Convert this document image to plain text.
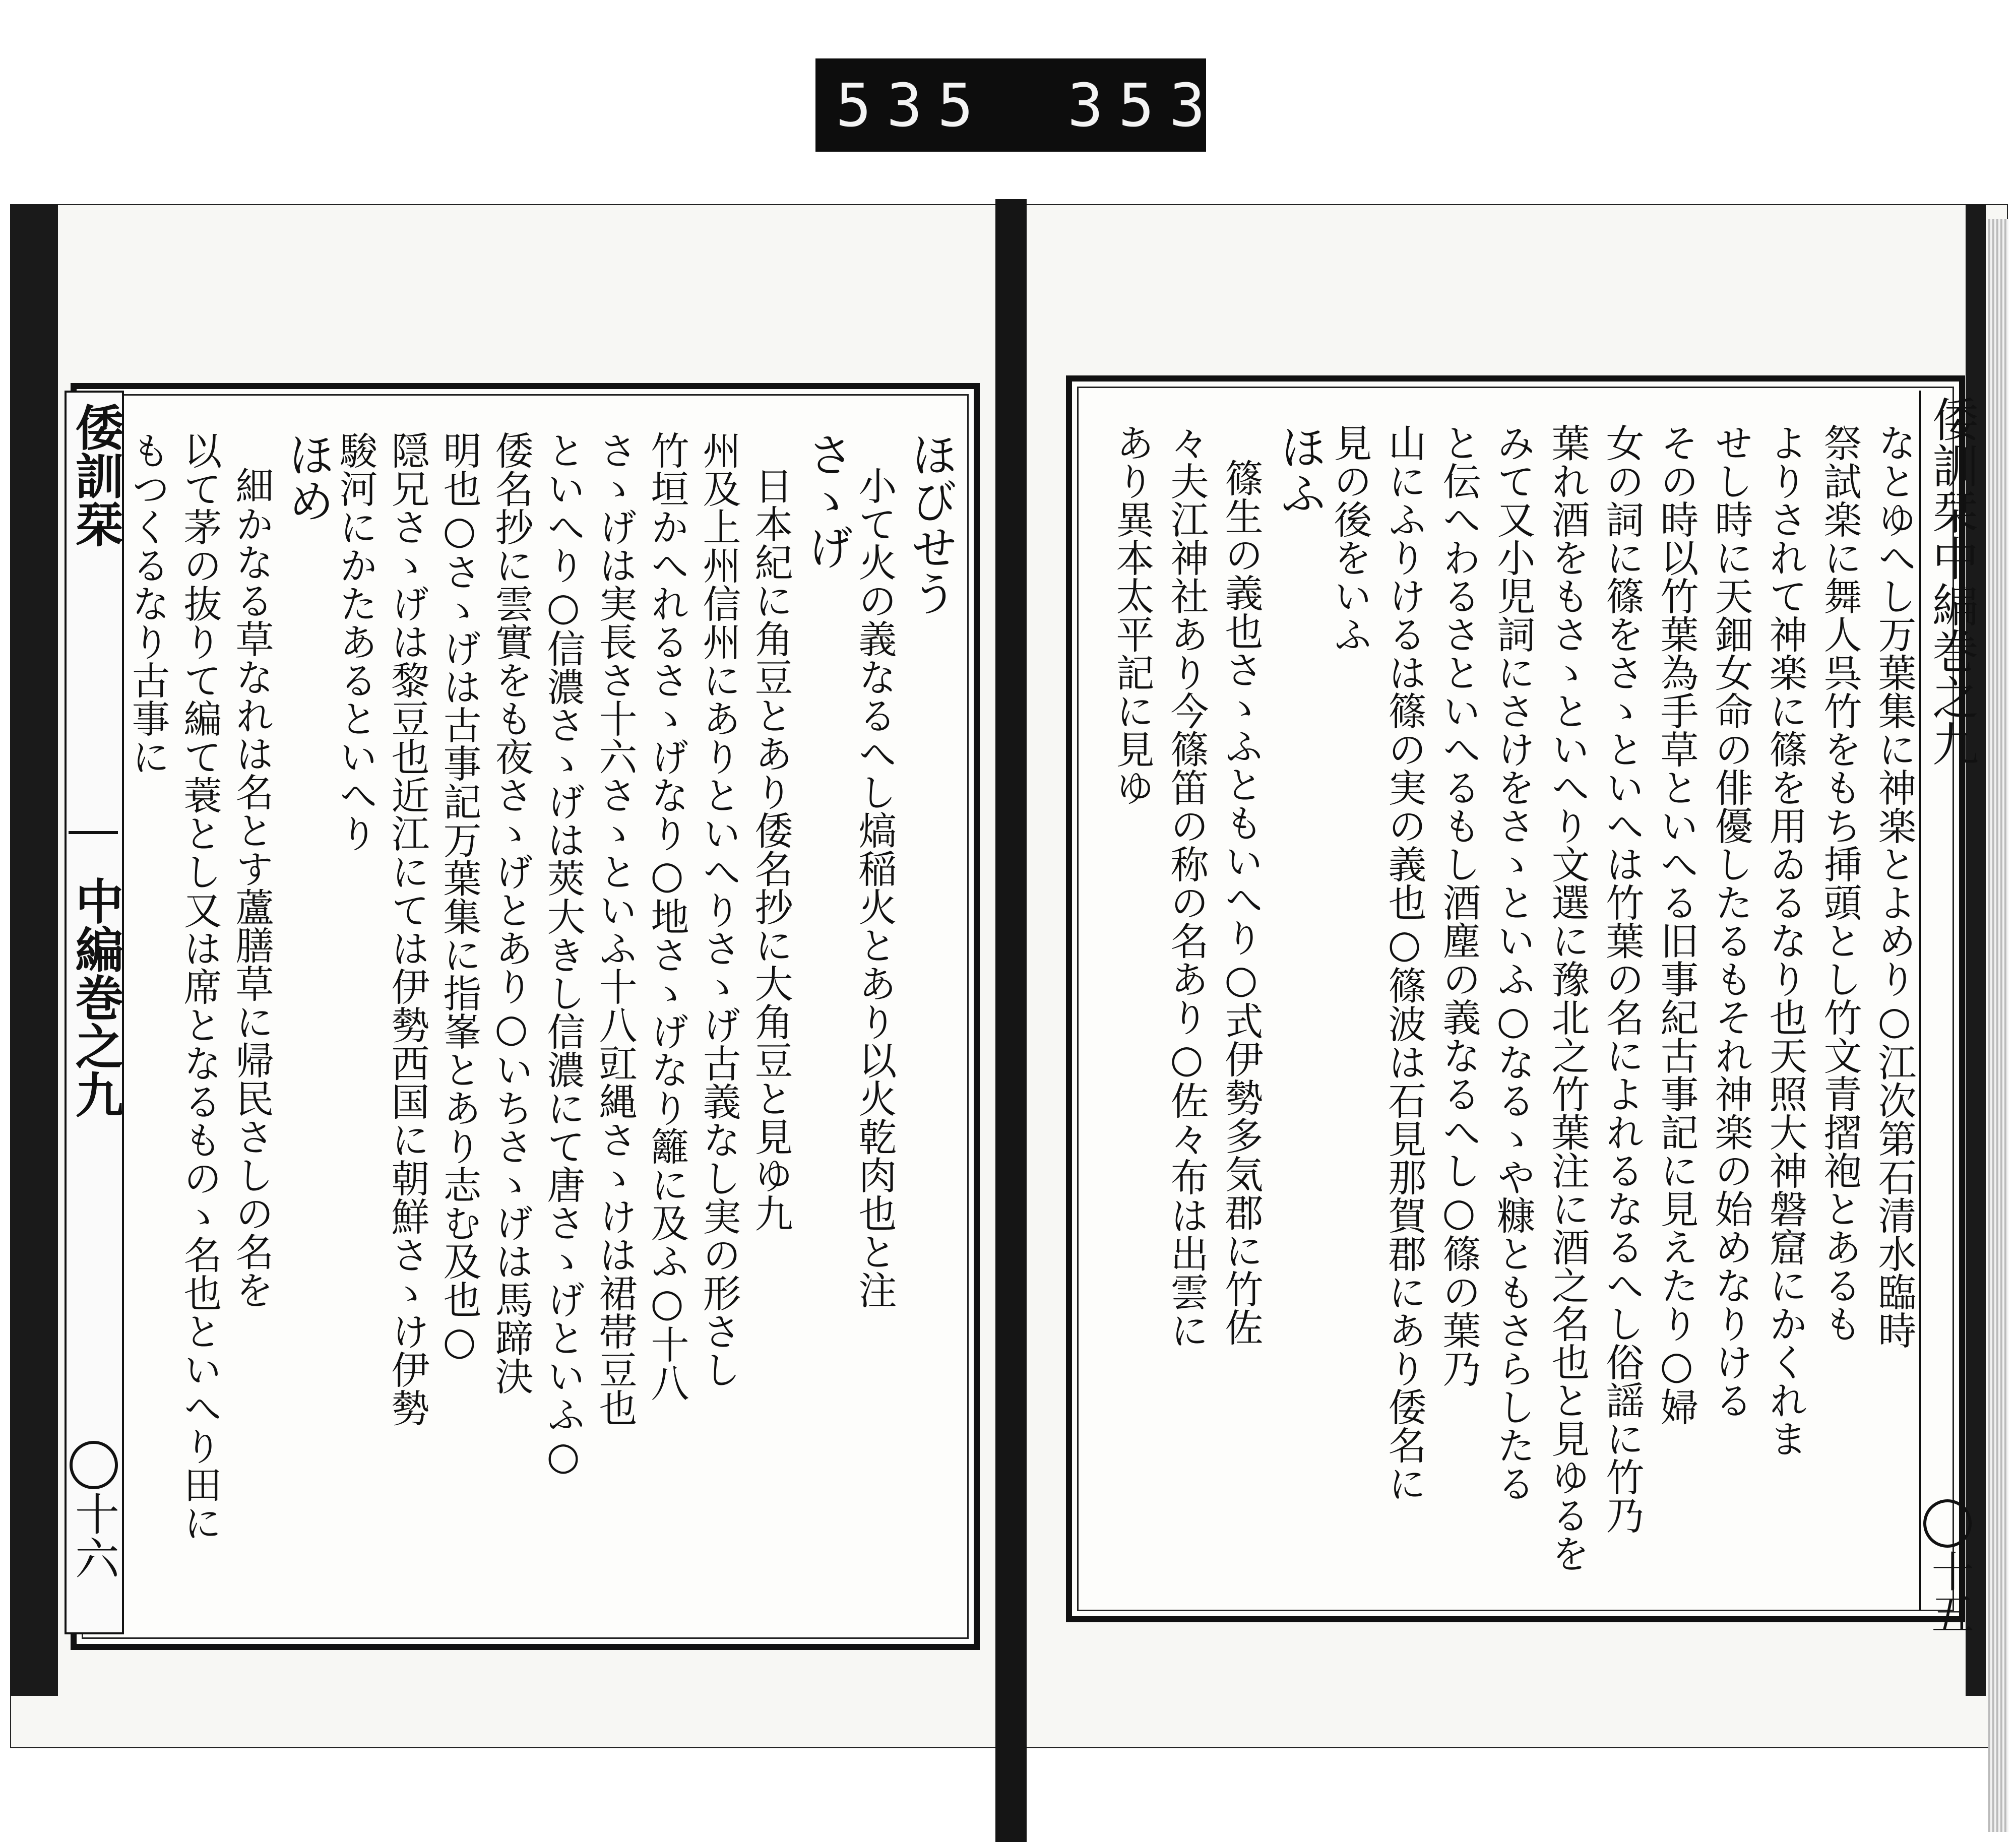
535 353
倭訓栞
中編巻之九
十六
ほびせう
小て火の義なるへし熇稲火とあり以火乾肉也と注
さゝげ
日本紀に角豆とあり倭名抄に大角豆と見ゆ九
州及上州信州にありといへりさゝげ古義なし実の形さし
竹垣かへれるさゝげなり○地さゝげなり籬に及ふ○十八
さゝげは実長さ十六さゝといふ十八豇縄さゝけは裙帯豆也
といへり○信濃さゝげは莢大きし信濃にて唐さゝげといふ○
倭名抄に雲實をも夜さゝげとあり○いちさゝげは馬蹄決
明也○さゝげは古事記万葉集に指峯とあり志む及也○
隠兄さゝげは黎豆也近江にては伊勢西国に朝鮮さゝけ伊勢
駿河にかたあるといへり
ほめ
細かなる草なれは名とす蘆膳草に帰民さしの名を
以て茅の抜りて編て蓑とし又は席となるものゝ名也といへり田に
もつくるなり古事に	倭訓栞中編巻之九
十五
なとゆへし万葉集に神楽とよめり○江次第石清水臨時
祭試楽に舞人呉竹をもち挿頭とし竹文青摺袍とあるも
よりされて神楽に篠を用ゐるなり也天照大神磐窟にかくれま
せし時に天鈿女命の俳優したるもそれ神楽の始めなりける
その時以竹葉為手草といへる旧事紀古事記に見えたり○婦
女の詞に篠をさゝといへは竹葉の名によれるなるへし俗謡に竹乃
葉れ酒をもさゝといへり文選に豫北之竹葉注に酒之名也と見ゆるを
みて又小児詞にさけをさゝといふ○なるゝや糠ともさらしたる
と伝へわるさといへるもし酒塵の義なるへし○篠の葉乃
山にふりけるは篠の実の義也○篠波は石見那賀郡にあり倭名に
見の後をいふ
ほふ
篠生の義也さゝふともいへり○式伊勢多気郡に竹佐
々夫江神社あり今篠笛の称の名あり○佐々布は出雲に
あり異本太平記に見ゆ
